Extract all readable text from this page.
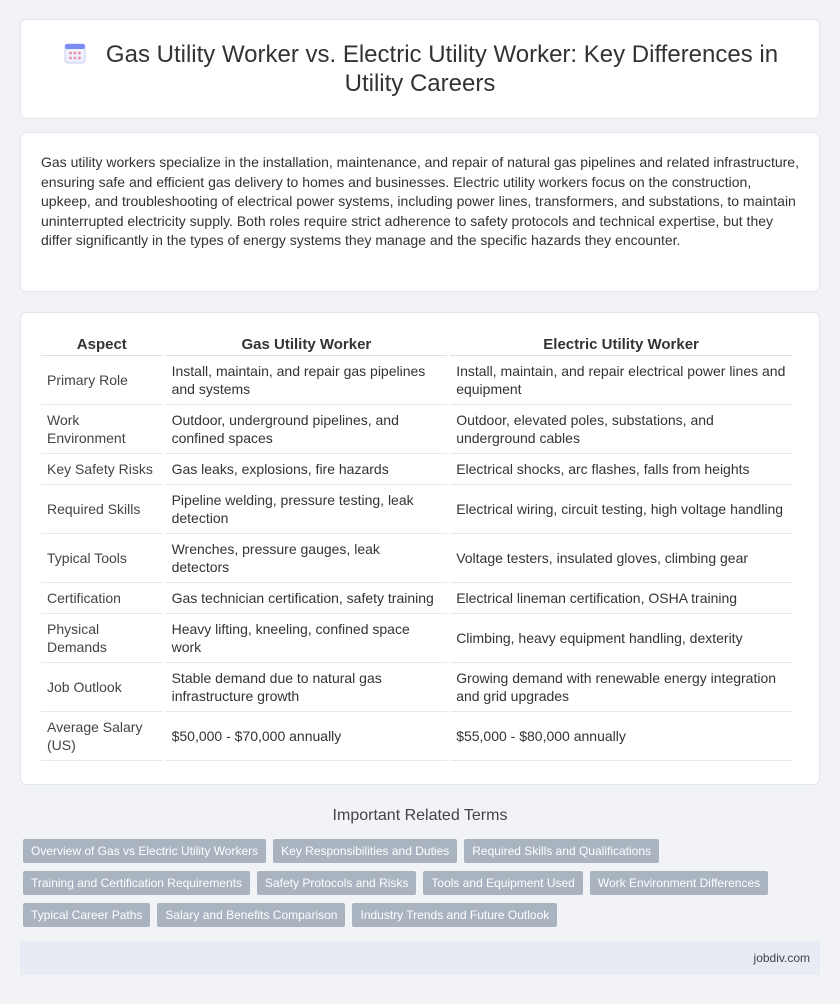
Gas Utility Worker vs. Electric Utility Worker: Key Differences in Utility Careers

Gas utility workers specialize in the installation, maintenance, and repair of natural gas pipelines and related infrastructure, ensuring safe and efficient gas delivery to homes and businesses. Electric utility workers focus on the construction, upkeep, and troubleshooting of electrical power systems, including power lines, transformers, and substations, to maintain uninterrupted electricity supply. Both roles require strict adherence to safety protocols and technical expertise, but they differ significantly in the types of energy systems they manage and the specific hazards they encounter.

Aspect	Gas Utility Worker	Electric Utility Worker
Primary Role	Install, maintain, and repair gas pipelines and systems	Install, maintain, and repair electrical power lines and equipment
Work Environment	Outdoor, underground pipelines, and confined spaces	Outdoor, elevated poles, substations, and underground cables
Key Safety Risks	Gas leaks, explosions, fire hazards	Electrical shocks, arc flashes, falls from heights
Required Skills	Pipeline welding, pressure testing, leak detection	Electrical wiring, circuit testing, high voltage handling
Typical Tools	Wrenches, pressure gauges, leak detectors	Voltage testers, insulated gloves, climbing gear
Certification	Gas technician certification, safety training	Electrical lineman certification, OSHA training
Physical Demands	Heavy lifting, kneeling, confined space work	Climbing, heavy equipment handling, dexterity
Job Outlook	Stable demand due to natural gas infrastructure growth	Growing demand with renewable energy integration and grid upgrades
Average Salary (US)	$50,000 - $70,000 annually	$55,000 - $80,000 annually
Important Related Terms
Overview of Gas vs Electric Utility Workers	Key Responsibilities and Duties	Required Skills and Qualifications
Training and Certification Requirements	Safety Protocols and Risks	Tools and Equipment Used	Work Environment Differences
Typical Career Paths	Salary and Benefits Comparison	Industry Trends and Future Outlook
jobdiv.com
